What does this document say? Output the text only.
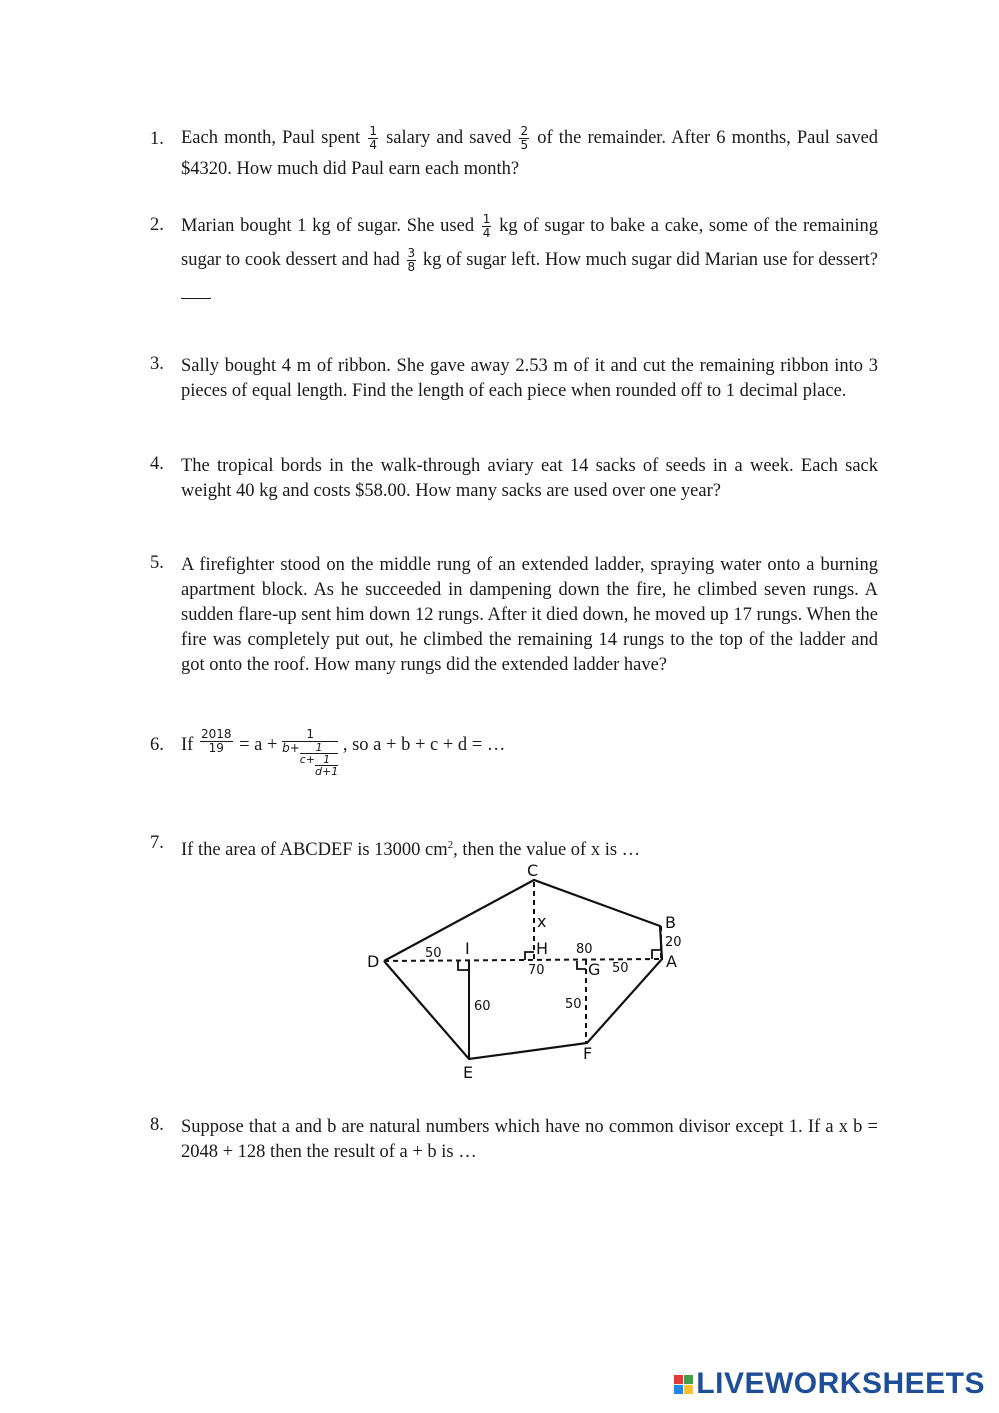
1. Each month, Paul spent $\frac{1}{4}$ salary and saved $\frac{2}{5}$ of the remainder. After 6 months, Paul saved $4320. How much did Paul earn each month?
2. Marian bought 1 kg of sugar. She used $\frac{1}{4}$ kg of sugar to bake a cake, some of the remaining sugar to cook dessert and had $\frac{3}{8}$ kg of sugar left. How much sugar did Marian use for dessert?
3. Sally bought 4 m of ribbon. She gave away 2.53 m of it and cut the remaining ribbon into 3 pieces of equal length. Find the length of each piece when rounded off to 1 decimal place.
4. The tropical bords in the walk-through aviary eat 14 sacks of seeds in a week. Each sack weight 40 kg and costs $58.00. How many sacks are used over one year?
5. A firefighter stood on the middle rung of an extended ladder, spraying water onto a burning apartment block. As he succeeded in dampening down the fire, he climbed seven rungs. A sudden flare-up sent him down 12 rungs. After it died down, he moved up 17 rungs. When the fire was completely put out, he climbed the remaining 14 rungs to the top of the ladder and got onto the roof. How many rungs did the extended ladder have?
6. If $\frac{2018}{19} = a + \frac{1}{b+ \frac{1}{c+ \frac{1}{d+1}}}$ , so a + b + c + d = …
7. If the area of ABCDEF is 13000 $cm^2$, then the value of x is …
C
B
A
D
E
F
G
H
I
x
50
60
80
70	50
20
50
8. Suppose that a and b are natural numbers which have no common divisor except 1. If a x b = 2048 + 128 then the result of a + b is …
LIVEWORKSHEETS
